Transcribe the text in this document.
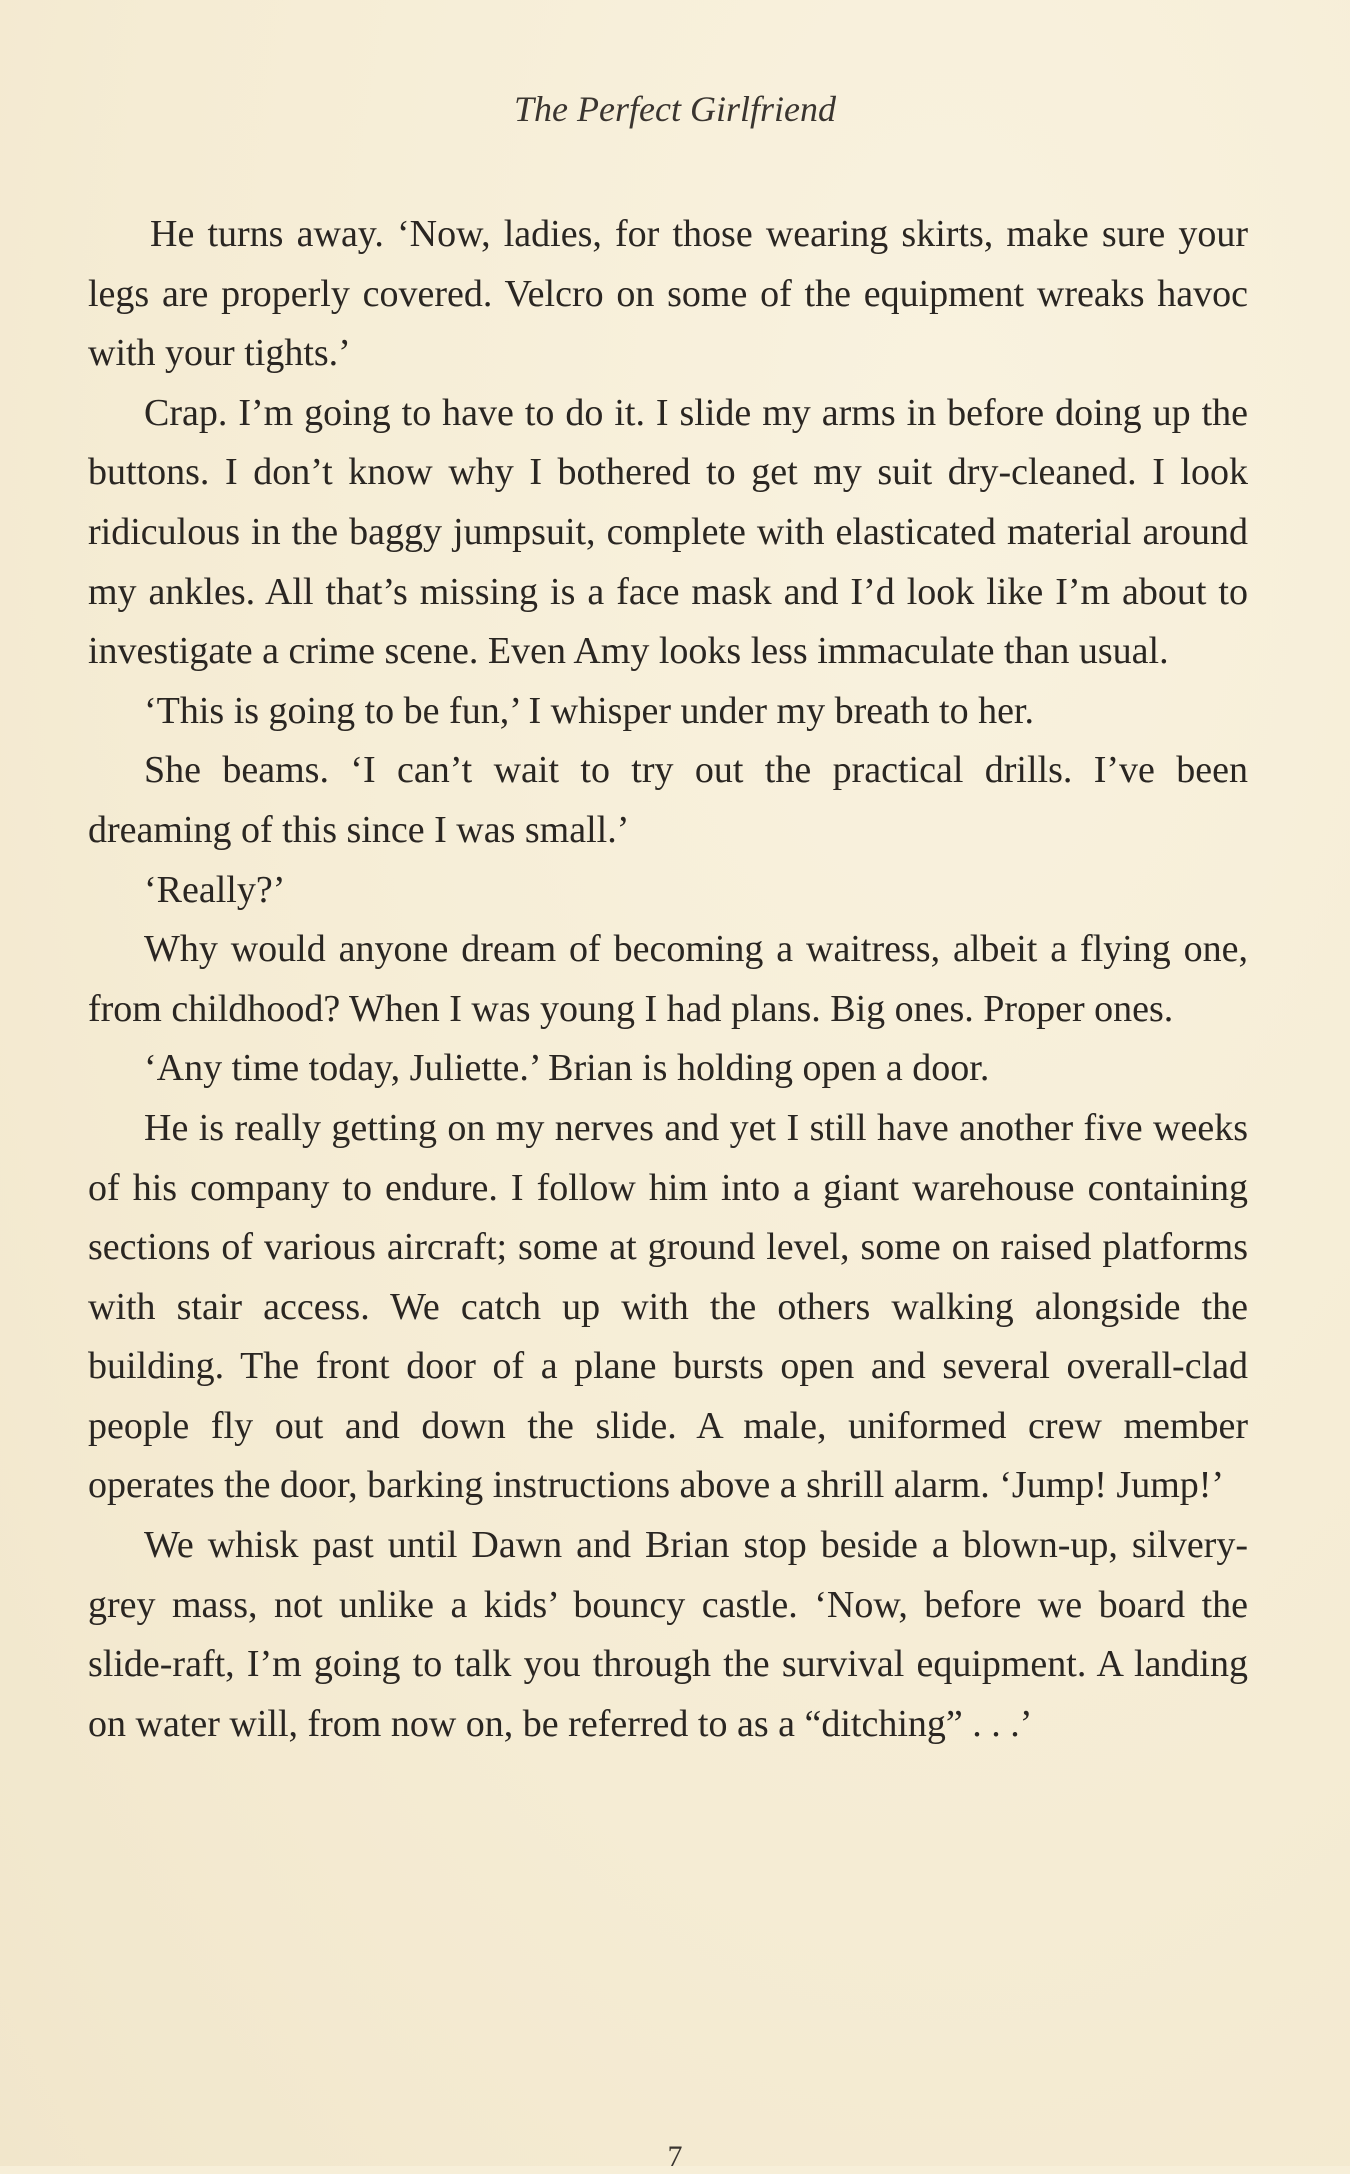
The Perfect Girlfriend

He turns away. ‘Now, ladies, for those wearing skirts, make sure your legs are properly covered. Velcro on some of the equipment wreaks havoc with your tights.’

Crap. I’m going to have to do it. I slide my arms in before doing up the buttons. I don’t know why I bothered to get my suit dry-cleaned. I look ridiculous in the baggy jumpsuit, complete with elasticated material around my ankles. All that’s missing is a face mask and I’d look like I’m about to investigate a crime scene. Even Amy looks less immaculate than usual.

‘This is going to be fun,’ I whisper under my breath to her.

She beams. ‘I can’t wait to try out the practical drills. I’ve been dreaming of this since I was small.’

‘Really?’

Why would anyone dream of becoming a waitress, albeit a flying one, from childhood? When I was young I had plans. Big ones. Proper ones.

‘Any time today, Juliette.’ Brian is holding open a door.

He is really getting on my nerves and yet I still have another five weeks of his company to endure. I follow him into a giant warehouse containing sections of various aircraft; some at ground level, some on raised platforms with stair access. We catch up with the others walking alongside the building. The front door of a plane bursts open and several overall-clad people fly out and down the slide. A male, uniformed crew member operates the door, barking instructions above a shrill alarm. ‘Jump! Jump!’

We whisk past until Dawn and Brian stop beside a blown-up, silvery-grey mass, not unlike a kids’ bouncy castle. ‘Now, before we board the slide-raft, I’m going to talk you through the survival equipment. A landing on water will, from now on, be referred to as a “ditching” . . .’

7
